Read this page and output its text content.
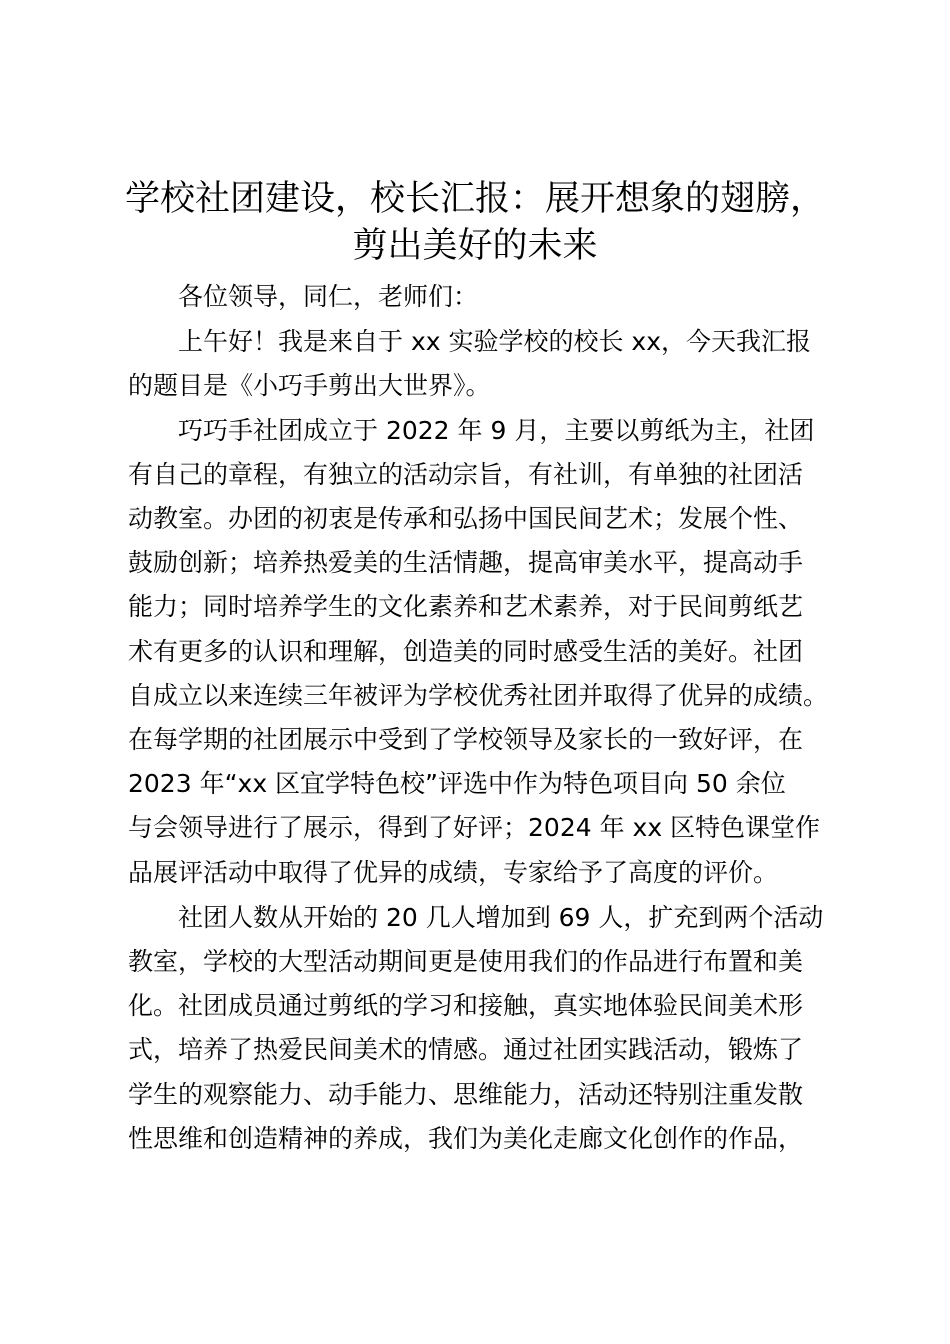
学校社团建设，校长汇报：展开想象的翅膀，
剪出美好的未来

各位领导，同仁，老师们：

上午好！我是来自于 xx 实验学校的校长 xx，今天我汇报

的题目是《小巧手剪出大世界》。

巧巧手社团成立于 2022 年 9 月，主要以剪纸为主，社团

有自己的章程，有独立的活动宗旨，有社训，有单独的社团活

动教室。办团的初衷是传承和弘扬中国民间艺术；发展个性、

鼓励创新；培养热爱美的生活情趣，提高审美水平，提高动手

能力；同时培养学生的文化素养和艺术素养，对于民间剪纸艺

术有更多的认识和理解，创造美的同时感受生活的美好。社团

自成立以来连续三年被评为学校优秀社团并取得了优异的成绩。

在每学期的社团展示中受到了学校领导及家长的一致好评，在

2023 年“xx 区宜学特色校”评选中作为特色项目向 50 余位

与会领导进行了展示，得到了好评；2024 年 xx 区特色课堂作

品展评活动中取得了优异的成绩，专家给予了高度的评价。

社团人数从开始的 20 几人增加到 69 人，扩充到两个活动

教室，学校的大型活动期间更是使用我们的作品进行布置和美

化。社团成员通过剪纸的学习和接触，真实地体验民间美术形

式，培养了热爱民间美术的情感。通过社团实践活动，锻炼了

学生的观察能力、动手能力、思维能力，活动还特别注重发散

性思维和创造精神的养成，我们为美化走廊文化创作的作品，
